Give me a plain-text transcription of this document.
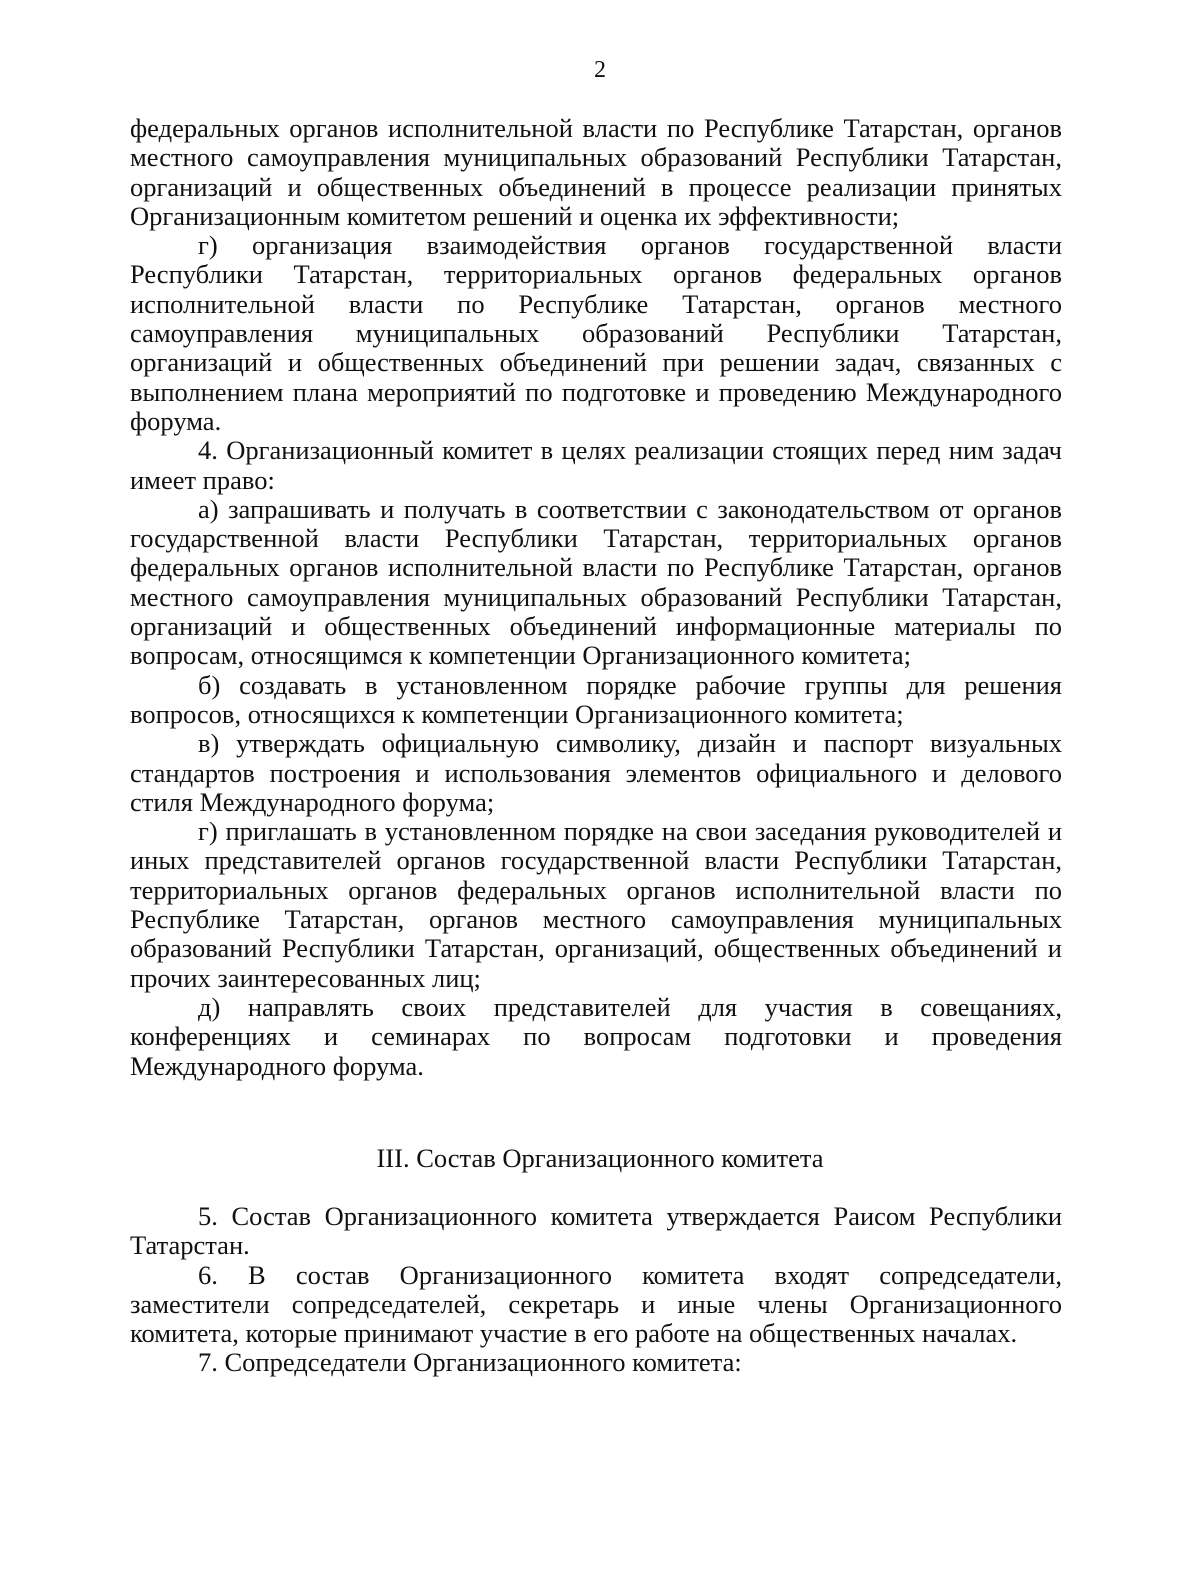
2

федеральных органов исполнительной власти по Республике Татарстан, органов местного самоуправления муниципальных образований Республики Татарстан, организаций и общественных объединений в процессе реализации принятых Организационным комитетом решений и оценка их эффективности;

г) организация взаимодействия органов государственной власти Республики Татарстан, территориальных органов федеральных органов исполнительной власти по Республике Татарстан, органов местного самоуправления муниципальных образований Республики Татарстан, организаций и общественных объединений при решении задач, связанных с выполнением плана мероприятий по подготовке и проведению Международного форума.

4. Организационный комитет в целях реализации стоящих перед ним задач имеет право:

а) запрашивать и получать в соответствии с законодательством от органов государственной власти Республики Татарстан, территориальных органов федеральных органов исполнительной власти по Республике Татарстан, органов местного самоуправления муниципальных образований Республики Татарстан, организаций и общественных объединений информационные материалы по вопросам, относящимся к компетенции Организационного комитета;

б) создавать в установленном порядке рабочие группы для решения вопросов, относящихся к компетенции Организационного комитета;

в) утверждать официальную символику, дизайн и паспорт визуальных стандартов построения и использования элементов официального и делового стиля Международного форума;

г) приглашать в установленном порядке на свои заседания руководителей и иных представителей органов государственной власти Республики Татарстан, территориальных органов федеральных органов исполнительной власти по Республике Татарстан, органов местного самоуправления муниципальных образований Республики Татарстан, организаций, общественных объединений и прочих заинтересованных лиц;

д) направлять своих представителей для участия в совещаниях, конференциях и семинарах по вопросам подготовки и проведения Международного форума.

III. Состав Организационного комитета

5. Состав Организационного комитета утверждается Раисом Республики Татарстан.

6. В состав Организационного комитета входят сопредседатели, заместители сопредседателей, секретарь и иные члены Организационного комитета, которые принимают участие в его работе на общественных началах.

7. Сопредседатели Организационного комитета:
